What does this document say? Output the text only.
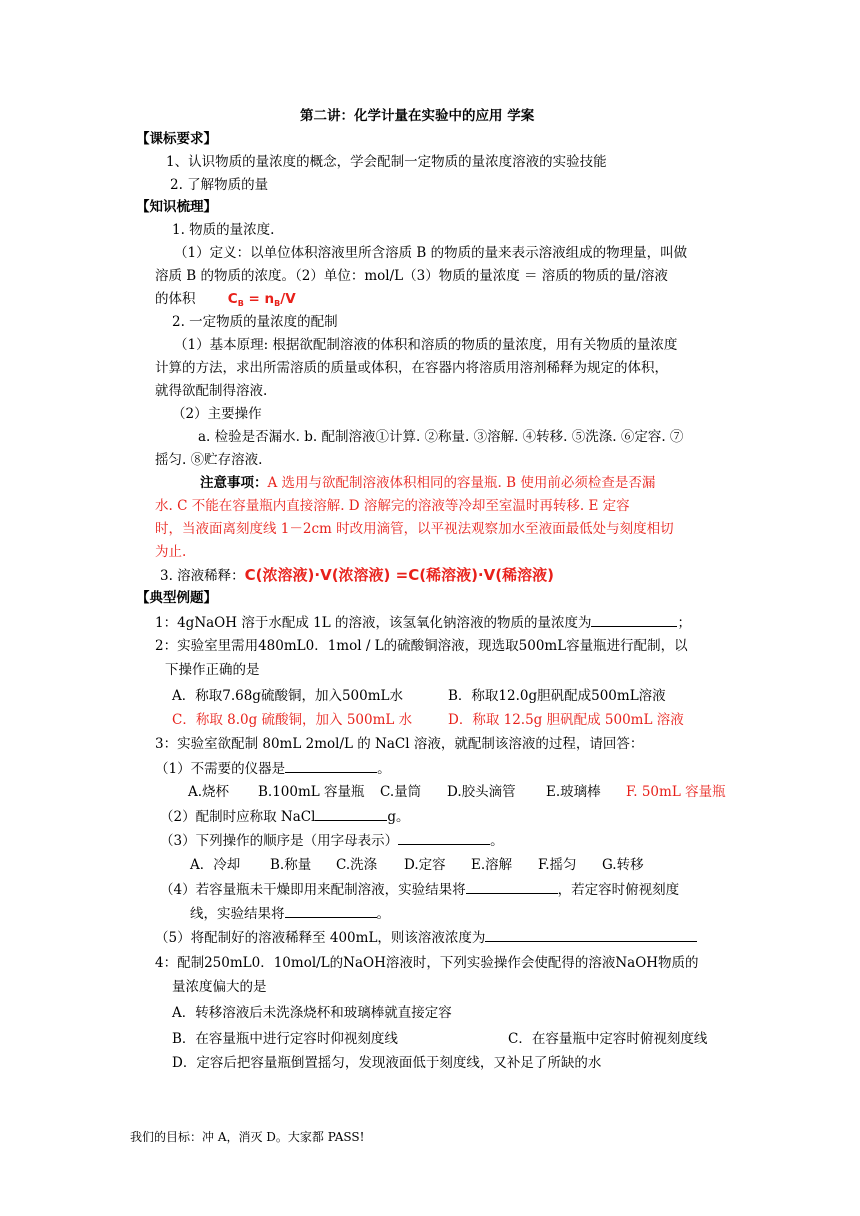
第二讲：化学计量在实验中的应用 学案
【课标要求】
1、认识物质的量浓度的概念，学会配制一定物质的量浓度溶液的实验技能
2. 了解物质的量
【知识梳理】
1. 物质的量浓度.
（1）定义：以单位体积溶液里所含溶质 B 的物质的量来表示溶液组成的物理量，叫做
溶质 B 的物质的浓度。（2）单位：mol/L（3）物质的量浓度 ＝ 溶质的物质的量/溶液
的体积 $C_B = n_B/V$
2. 一定物质的量浓度的配制
（1）基本原理: 根据欲配制溶液的体积和溶质的物质的量浓度，用有关物质的量浓度
计算的方法，求出所需溶质的质量或体积，在容器内将溶质用溶剂稀释为规定的体积，
就得欲配制得溶液.
（2）主要操作
a. 检验是否漏水. b. 配制溶液①计算. ②称量. ③溶解. ④转移. ⑤洗涤. ⑥定容. ⑦
摇匀. ⑧贮存溶液.
注意事项：A 选用与欲配制溶液体积相同的容量瓶. B 使用前必须检查是否漏
水. C 不能在容量瓶内直接溶解. D 溶解完的溶液等冷却至室温时再转移. E 定容
时，当液面离刻度线 1－2cm 时改用滴管，以平视法观察加水至液面最低处与刻度相切
为止.
3. 溶液稀释：C(浓溶液)·V(浓溶液) =C(稀溶液)·V(稀溶液)
【典型例题】
1：4gNaOH 溶于水配成 1L 的溶液，该氢氧化钠溶液的物质的量浓度为	；
2：实验室里需用480mL0．1mol / L的硫酸铜溶液，现选取500mL容量瓶进行配制，以
下操作正确的是
A．称取7.68g硫酸铜，加入500mL水	B．称取12.0g胆矾配成500mL溶液
C．称取 8.0g 硫酸铜，加入 500mL 水	D．称取 12.5g 胆矾配成 500mL 溶液
3：实验室欲配制 80mL 2mol/L 的 NaCl 溶液，就配制该溶液的过程，请回答：
（1）不需要的仪器是	。
A.烧杯 B.100mL 容量瓶 C.量筒 D.胶头滴管 E.玻璃棒 F. 50mL 容量瓶
（2）配制时应称取 NaCl	g。
（3）下列操作的顺序是（用字母表示）	。
A．冷却 B.称量 C.洗涤 D.定容 E.溶解 F.摇匀 G.转移
（4）若容量瓶未干燥即用来配制溶液，实验结果将	，若定容时俯视刻度
线，实验结果将	。
（5）将配制好的溶液稀释至 400mL，则该溶液浓度为
4：配制250mL0．10mol/L的NaOH溶液时，下列实验操作会使配得的溶液NaOH物质的
量浓度偏大的是
A．转移溶液后未洗涤烧杯和玻璃棒就直接定容
B．在容量瓶中进行定容时仰视刻度线	C．在容量瓶中定容时俯视刻度线
D．定容后把容量瓶倒置摇匀，发现液面低于刻度线，又补足了所缺的水
我们的目标：冲 A，消灭 D。大家都 PASS!
